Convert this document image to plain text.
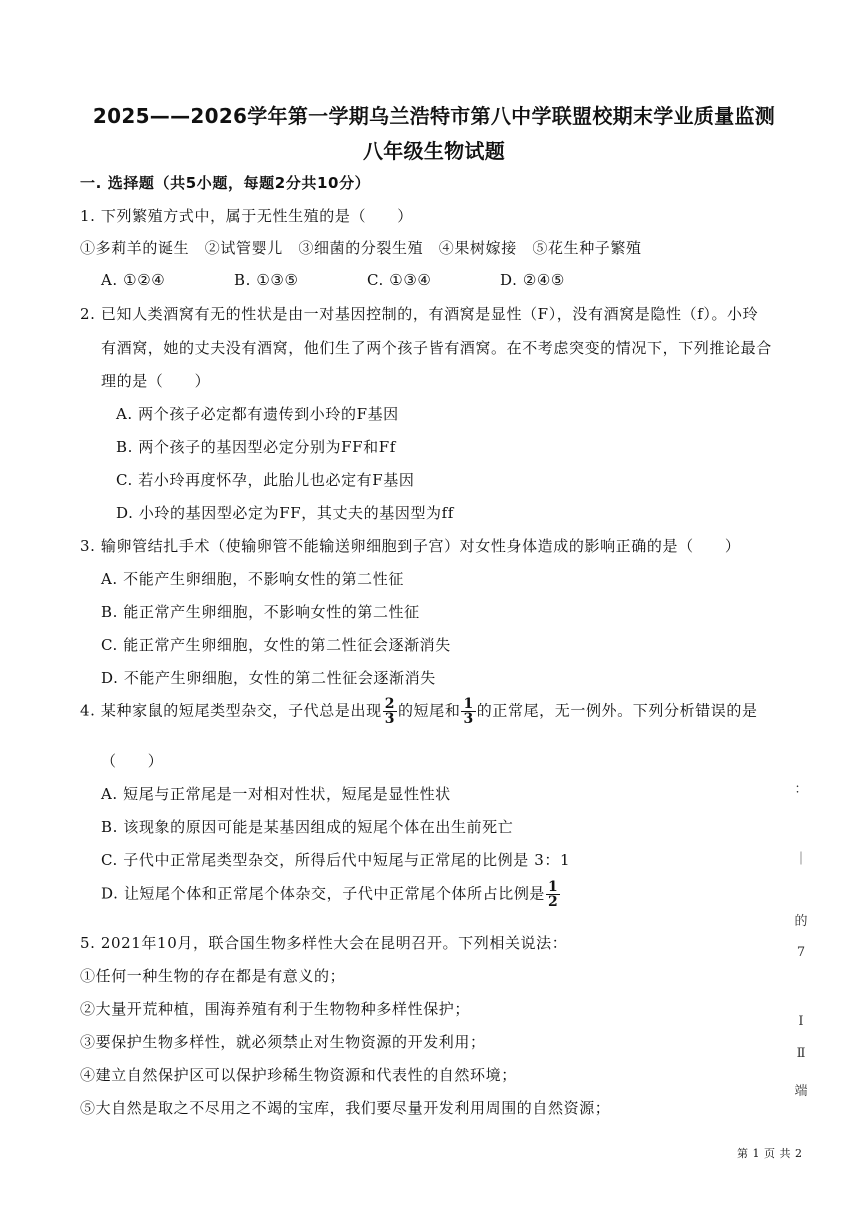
2025——2026学年第一学期乌兰浩特市第八中学联盟校期末学业质量监测
八年级生物试题
一. 选择题（共5小题，每题2分共10分）
1. 下列繁殖方式中，属于无性生殖的是（　　）
①多莉羊的诞生　②试管婴儿　③细菌的分裂生殖　④果树嫁接　⑤花生种子繁殖
A. ①②④	B. ①③⑤	C. ①③④	D. ②④⑤
2. 已知人类酒窝有无的性状是由一对基因控制的，有酒窝是显性（F），没有酒窝是隐性（f）。小玲
有酒窝，她的丈夫没有酒窝，他们生了两个孩子皆有酒窝。在不考虑突变的情况下，下列推论最合
理的是（　　）
A. 两个孩子必定都有遗传到小玲的F基因
B. 两个孩子的基因型必定分别为FF和Ff
C. 若小玲再度怀孕，此胎儿也必定有F基因
D. 小玲的基因型必定为FF，其丈夫的基因型为ff
3. 输卵管结扎手术（使输卵管不能输送卵细胞到子宫）对女性身体造成的影响正确的是（　　）
A. 不能产生卵细胞，不影响女性的第二性征
B. 能正常产生卵细胞，不影响女性的第二性征
C. 能正常产生卵细胞，女性的第二性征会逐渐消失
D. 不能产生卵细胞，女性的第二性征会逐渐消失
4. 某种家鼠的短尾类型杂交，子代总是出现 $\frac{2}{3}$ 的短尾和 $\frac{1}{3}$ 的正常尾，无一例外。下列分析错误的是
（　　）
A. 短尾与正常尾是一对相对性状，短尾是显性性状
B. 该现象的原因可能是某基因组成的短尾个体在出生前死亡
C. 子代中正常尾类型杂交，所得后代中短尾与正常尾的比例是 3：1
D. 让短尾个体和正常尾个体杂交，子代中正常尾个体所占比例是 $\frac{1}{2}$
5. 2021年10月，联合国生物多样性大会在昆明召开。下列相关说法：
①任何一种生物的存在都是有意义的；
②大量开荒种植，围海养殖有利于生物物种多样性保护；
③要保护生物多样性，就必须禁止对生物资源的开发利用；
④建立自然保护区可以保护珍稀生物资源和代表性的自然环境；
⑤大自然是取之不尽用之不竭的宝库，我们要尽量开发利用周围的自然资源；
：
｜
的
7
Ⅰ
Ⅱ
端
第 1 页 共 2
